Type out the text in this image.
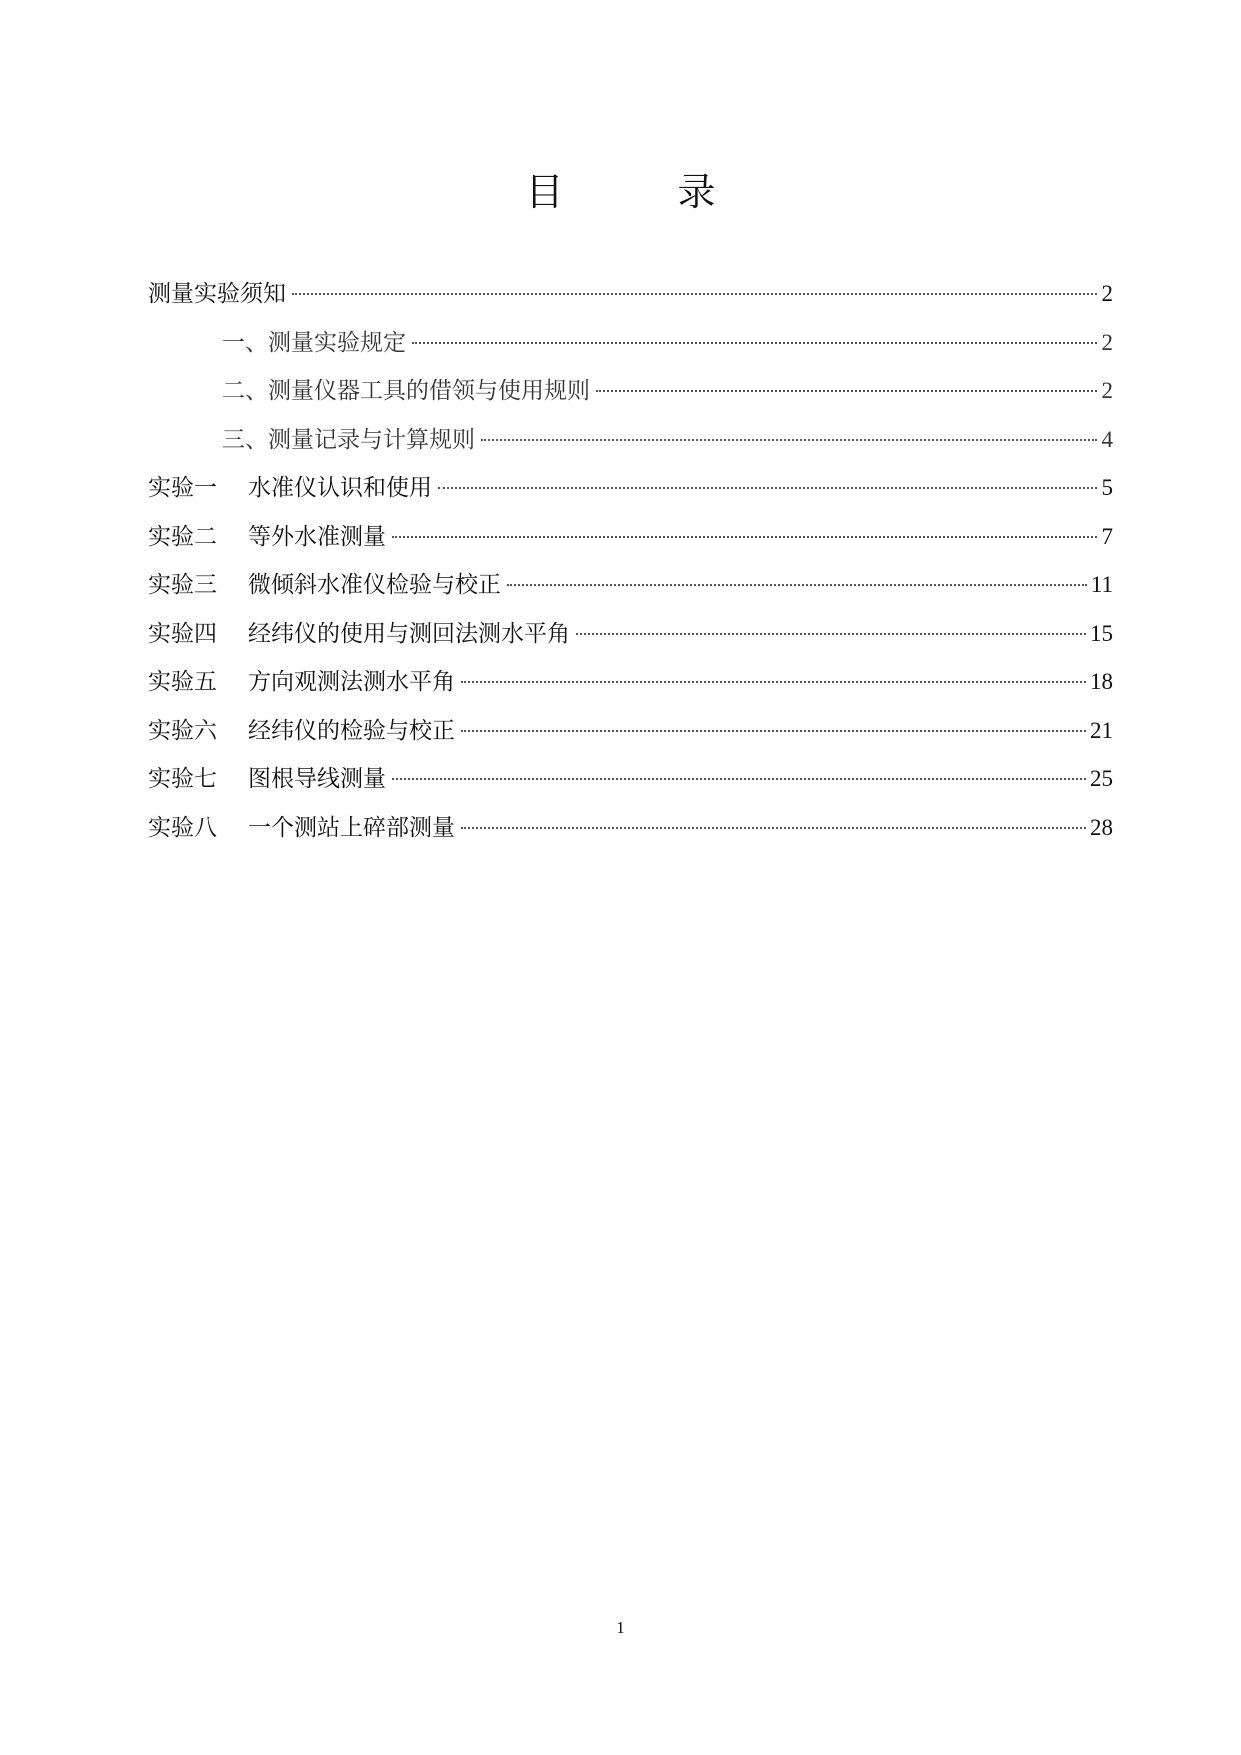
目　录
测量实验须知	2
一、测量实验规定	2
二、测量仪器工具的借领与使用规则	2
三、测量记录与计算规则	4
实验一	水准仪认识和使用	5
实验二	等外水准测量	7
实验三	微倾斜水准仪检验与校正	11
实验四	经纬仪的使用与测回法测水平角	15
实验五	方向观测法测水平角	18
实验六	经纬仪的检验与校正	21
实验七	图根导线测量	25
实验八	一个测站上碎部测量	28
1
